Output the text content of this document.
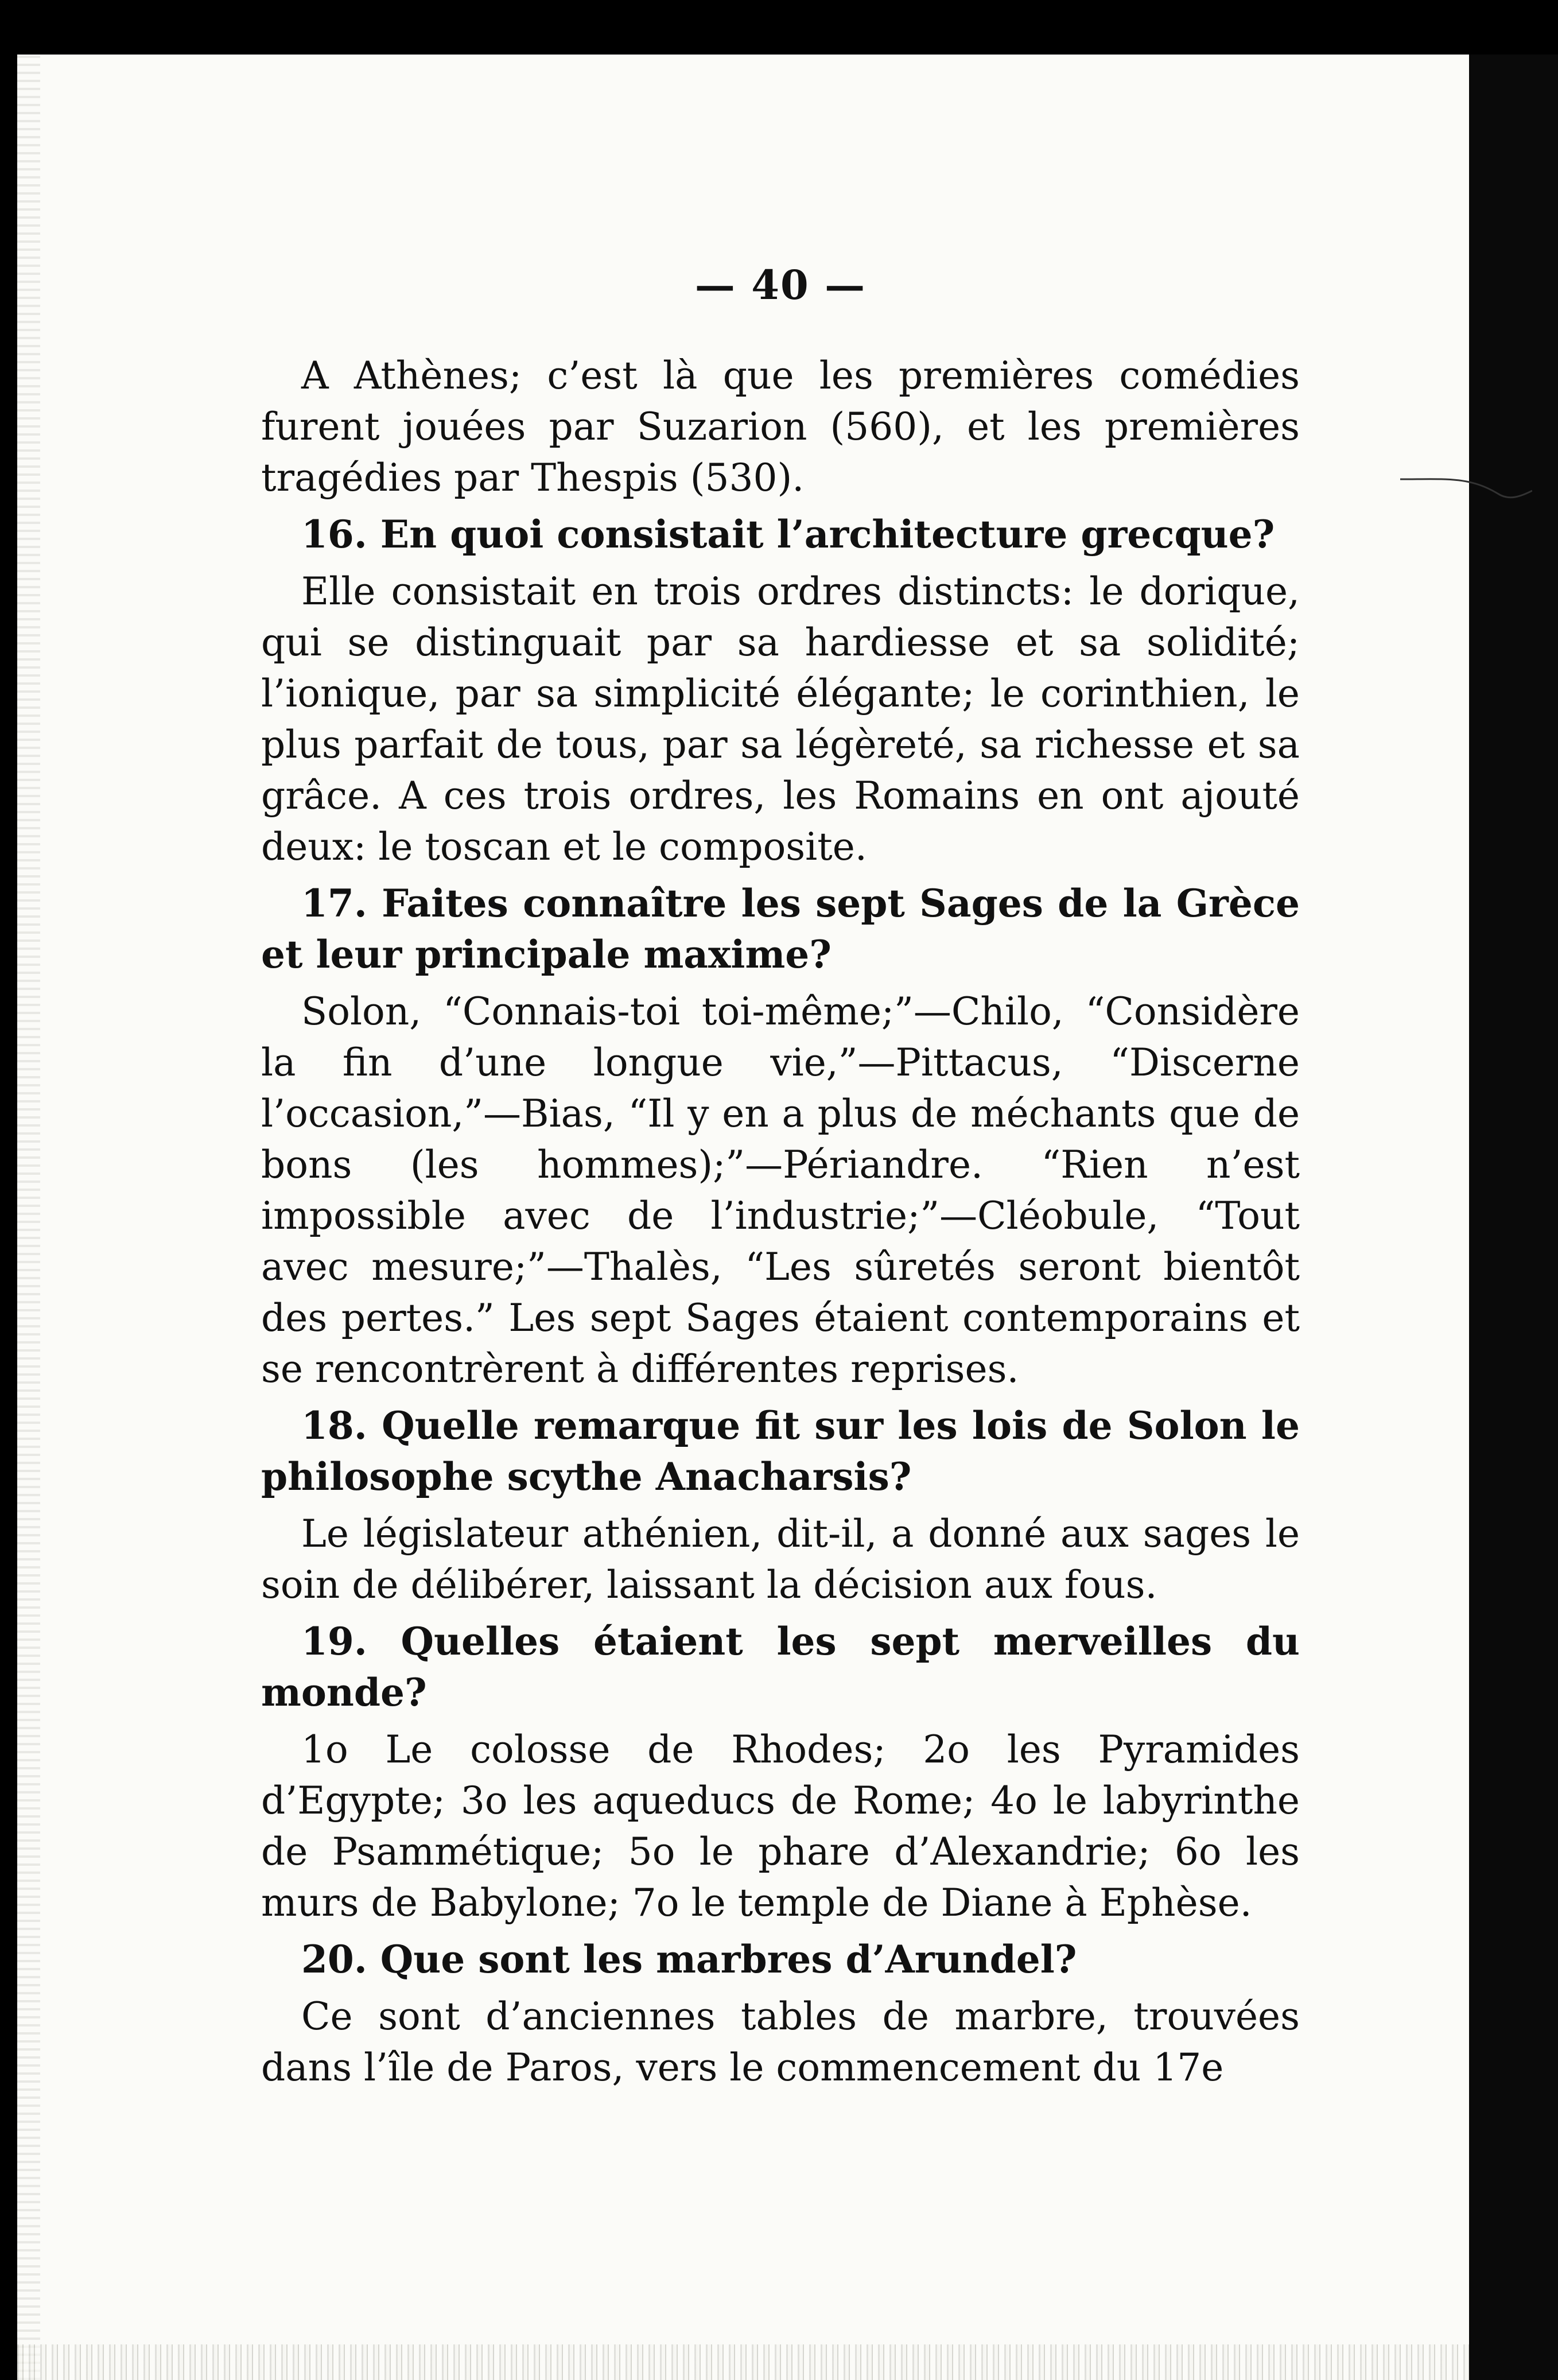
— 40 —

A Athènes; c’est là que les premières comédies furent jouées par Suzarion (560), et les premières tragédies par Thespis (530).

16. En quoi consistait l’architecture grecque?

Elle consistait en trois ordres distincts: le dorique, qui se distinguait par sa hardiesse et sa solidité; l’ionique, par sa simplicité élégante; le corinthien, le plus parfait de tous, par sa légèreté, sa richesse et sa grâce. A ces trois ordres, les Romains en ont ajouté deux: le toscan et le composite.

17. Faites connaître les sept Sages de la Grèce et leur principale maxime?

Solon, “Connais-toi toi-même;”—Chilo, “Considère la fin d’une longue vie,”—Pittacus, “Discerne l’occasion,”—Bias, “Il y en a plus de méchants que de bons (les hommes);”—Périandre. “Rien n’est impossible avec de l’industrie;”—Cléobule, “Tout avec mesure;”—Thalès, “Les sûretés seront bientôt des pertes.” Les sept Sages étaient contemporains et se rencontrèrent à différentes reprises.

18. Quelle remarque fit sur les lois de Solon le philosophe scythe Anacharsis?

Le législateur athénien, dit-il, a donné aux sages le soin de délibérer, laissant la décision aux fous.

19. Quelles étaient les sept merveilles du monde?

1o Le colosse de Rhodes; 2o les Pyramides d’Egypte; 3o les aqueducs de Rome; 4o le labyrinthe de Psammétique; 5o le phare d’Alexandrie; 6o les murs de Babylone; 7o le temple de Diane à Ephèse.

20. Que sont les marbres d’Arundel?

Ce sont d’anciennes tables de marbre, trouvées dans l’île de Paros, vers le commencement du 17e
